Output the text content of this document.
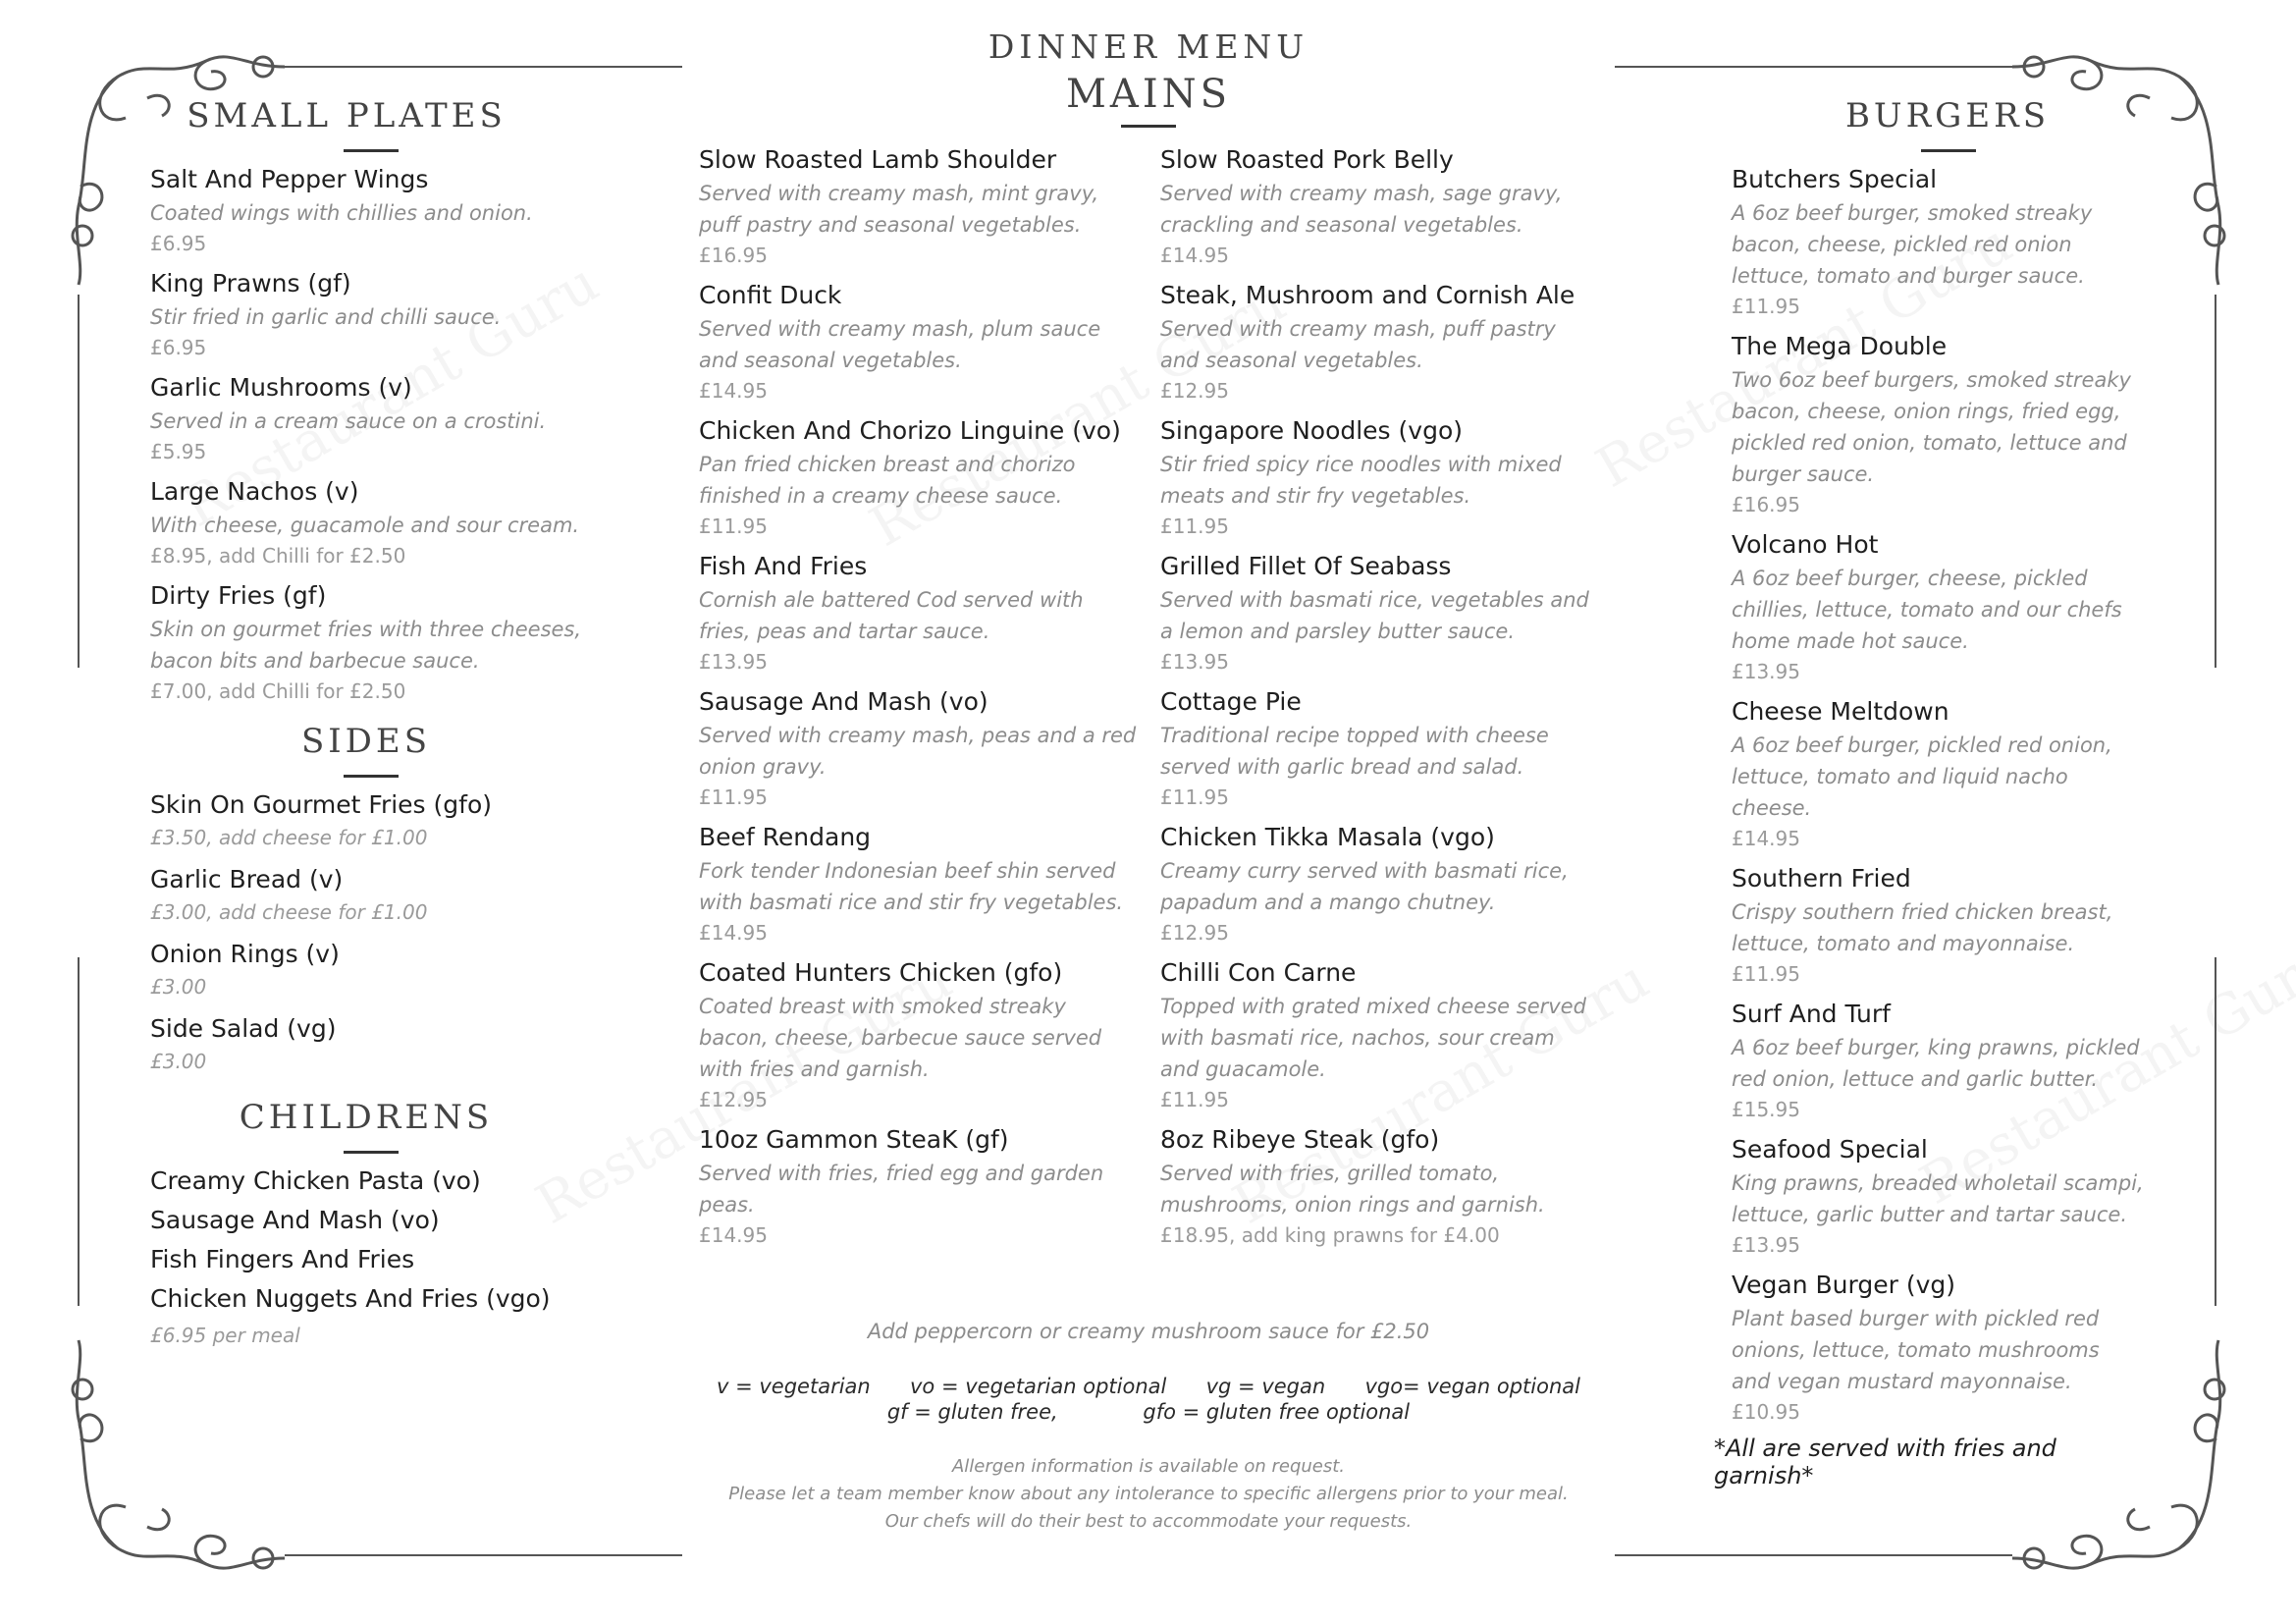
DINNER MENU
MAINS
SMALL PLATES
Salt And Pepper Wings
Coated wings with chillies and onion.
£6.95
King Prawns (gf)
Stir fried in garlic and chilli sauce.
£6.95
Garlic Mushrooms (v)
Served in a cream sauce on a crostini.
£5.95
Large Nachos (v)
With cheese, guacamole and sour cream.
£8.95, add Chilli for £2.50
Dirty Fries (gf)
Skin on gourmet fries with three cheeses, bacon bits and barbecue sauce.
£7.00, add Chilli for £2.50
SIDES
Skin On Gourmet Fries (gfo)
£3.50, add cheese for £1.00
Garlic Bread (v)
£3.00, add cheese for £1.00
Onion Rings (v)
£3.00
Side Salad (vg)
£3.00
CHILDRENS
Creamy Chicken Pasta (vo)
Sausage And Mash (vo)
Fish Fingers And Fries
Chicken Nuggets And Fries (vgo)
£6.95 per meal
Slow Roasted Lamb Shoulder
Served with creamy mash, mint gravy, puff pastry and seasonal vegetables.
£16.95
Confit Duck
Served with creamy mash, plum sauce and seasonal vegetables.
£14.95
Chicken And Chorizo Linguine (vo)
Pan fried chicken breast and chorizo finished in a creamy cheese sauce.
£11.95
Fish And Fries
Cornish ale battered Cod served with fries, peas and tartar sauce.
£13.95
Sausage And Mash (vo)
Served with creamy mash, peas and a red onion gravy.
£11.95
Beef Rendang
Fork tender Indonesian beef shin served with basmati rice and stir fry vegetables.
£14.95
Coated Hunters Chicken (gfo)
Coated breast with smoked streaky bacon, cheese, barbecue sauce served with fries and garnish.
£12.95
10oz Gammon SteaK (gf)
Served with fries, fried egg and garden peas.
£14.95
Slow Roasted Pork Belly
Served with creamy mash, sage gravy, crackling and seasonal vegetables.
£14.95
Steak, Mushroom and Cornish Ale
Served with creamy mash, puff pastry and seasonal vegetables.
£12.95
Singapore Noodles (vgo)
Stir fried spicy rice noodles with mixed meats and stir fry vegetables.
£11.95
Grilled Fillet Of Seabass
Served with basmati rice, vegetables and a lemon and parsley butter sauce.
£13.95
Cottage Pie
Traditional recipe topped with cheese served with garlic bread and salad.
£11.95
Chicken Tikka Masala (vgo)
Creamy curry served with basmati rice, papadum and a mango chutney.
£12.95
Chilli Con Carne
Topped with grated mixed cheese served with basmati rice, nachos, sour cream and guacamole.
£11.95
8oz Ribeye Steak (gfo)
Served with fries, grilled tomato, mushrooms, onion rings and garnish.
£18.95, add king prawns for £4.00
Add peppercorn or creamy mushroom sauce for £2.50
v = vegetarian vo = vegetarian optional vg = vegan vgo= vegan optional
gf = gluten free,	gfo = gluten free optional
Allergen information is available on request.
Please let a team member know about any intolerance to specific allergens prior to your meal.
Our chefs will do their best to accommodate your requests.
BURGERS
Butchers Special
A 6oz beef burger, smoked streaky bacon, cheese, pickled red onion lettuce, tomato and burger sauce.
£11.95
The Mega Double
Two 6oz beef burgers, smoked streaky bacon, cheese, onion rings, fried egg, pickled red onion, tomato, lettuce and burger sauce.
£16.95
Volcano Hot
A 6oz beef burger, cheese, pickled chillies, lettuce, tomato and our chefs home made hot sauce.
£13.95
Cheese Meltdown
A 6oz beef burger, pickled red onion, lettuce, tomato and liquid nacho cheese.
£14.95
Southern Fried
Crispy southern fried chicken breast, lettuce, tomato and mayonnaise.
£11.95
Surf And Turf
A 6oz beef burger, king prawns, pickled red onion, lettuce and garlic butter.
£15.95
Seafood Special
King prawns, breaded wholetail scampi, lettuce, garlic butter and tartar sauce.
£13.95
Vegan Burger (vg)
Plant based burger with pickled red onions, lettuce, tomato mushrooms and vegan mustard mayonnaise.
£10.95
*All are served with fries and garnish*
